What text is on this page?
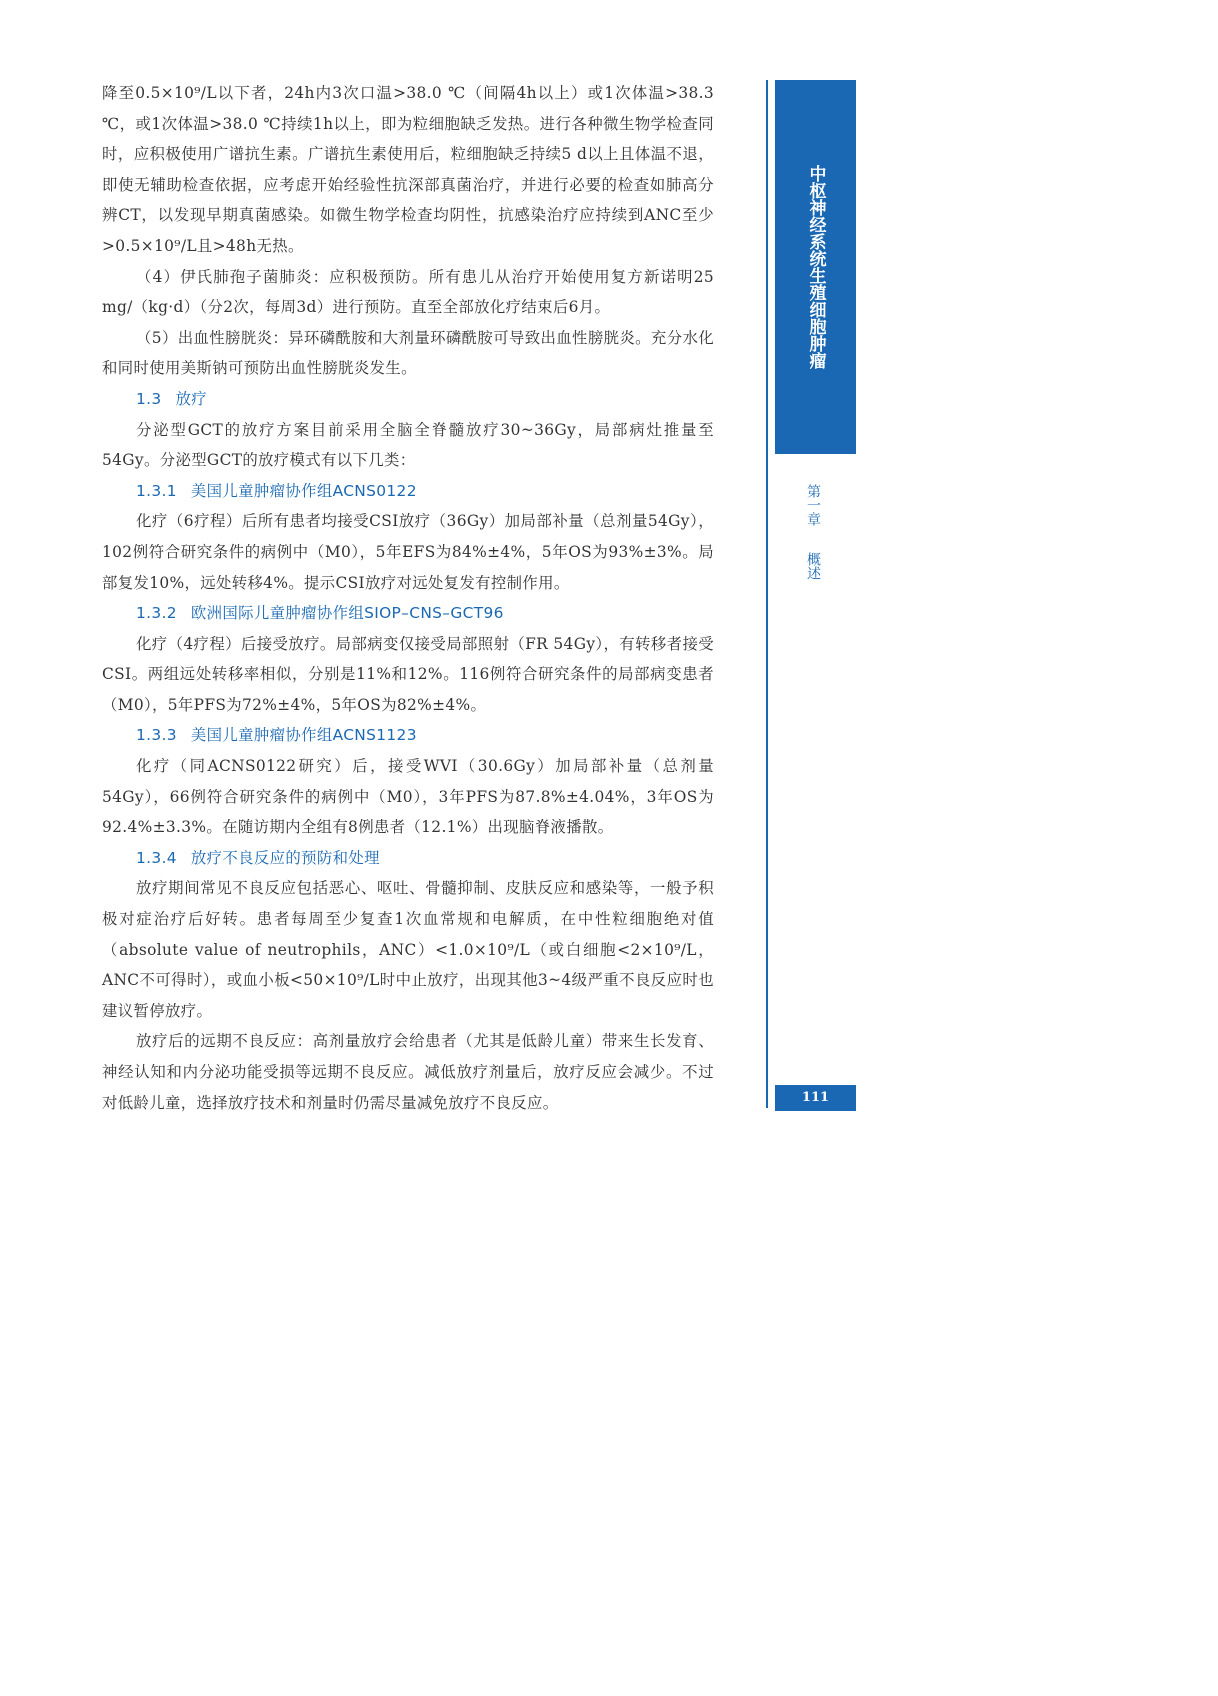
降至0.5×10⁹/L以下者，24h内3次口温>38.0 ℃（间隔4h以上）或1次体温>38.3 ℃，或1次体温>38.0 ℃持续1h以上，即为粒细胞缺乏发热。进行各种微生物学检查同时，应积极使用广谱抗生素。广谱抗生素使用后，粒细胞缺乏持续5 d以上且体温不退，即使无辅助检查依据，应考虑开始经验性抗深部真菌治疗，并进行必要的检查如肺高分辨CT，以发现早期真菌感染。如微生物学检查均阴性，抗感染治疗应持续到ANC至少>0.5×10⁹/L且>48h无热。

（4）伊氏肺孢子菌肺炎：应积极预防。所有患儿从治疗开始使用复方新诺明25 mg/（kg·d）（分2次，每周3d）进行预防。直至全部放化疗结束后6月。

（5）出血性膀胱炎：异环磷酰胺和大剂量环磷酰胺可导致出血性膀胱炎。充分水化和同时使用美斯钠可预防出血性膀胱炎发生。

1.3 放疗

分泌型GCT的放疗方案目前采用全脑全脊髓放疗30~36Gy，局部病灶推量至54Gy。分泌型GCT的放疗模式有以下几类：

1.3.1 美国儿童肿瘤协作组ACNS0122

化疗（6疗程）后所有患者均接受CSI放疗（36Gy）加局部补量（总剂量54Gy），102例符合研究条件的病例中（M0），5年EFS为84%±4%，5年OS为93%±3%。局部复发10%，远处转移4%。提示CSI放疗对远处复发有控制作用。

1.3.2 欧洲国际儿童肿瘤协作组SIOP–CNS–GCT96

化疗（4疗程）后接受放疗。局部病变仅接受局部照射（FR 54Gy），有转移者接受CSI。两组远处转移率相似，分别是11%和12%。116例符合研究条件的局部病变患者（M0），5年PFS为72%±4%，5年OS为82%±4%。

1.3.3 美国儿童肿瘤协作组ACNS1123

化疗（同ACNS0122研究）后，接受WVI（30.6Gy）加局部补量（总剂量54Gy），66例符合研究条件的病例中（M0），3年PFS为87.8%±4.04%，3年OS为92.4%±3.3%。在随访期内全组有8例患者（12.1%）出现脑脊液播散。

1.3.4 放疗不良反应的预防和处理

放疗期间常见不良反应包括恶心、呕吐、骨髓抑制、皮肤反应和感染等，一般予积极对症治疗后好转。患者每周至少复查1次血常规和电解质，在中性粒细胞绝对值（absolute value of neutrophils，ANC）<1.0×10⁹/L（或白细胞<2×10⁹/L，ANC不可得时），或血小板<50×10⁹/L时中止放疗，出现其他3~4级严重不良反应时也建议暂停放疗。

放疗后的远期不良反应：高剂量放疗会给患者（尤其是低龄儿童）带来生长发育、神经认知和内分泌功能受损等远期不良反应。减低放疗剂量后，放疗反应会减少。不过对低龄儿童，选择放疗技术和剂量时仍需尽量减免放疗不良反应。

中枢神经系统生殖细胞肿瘤
第一章 概述
111
